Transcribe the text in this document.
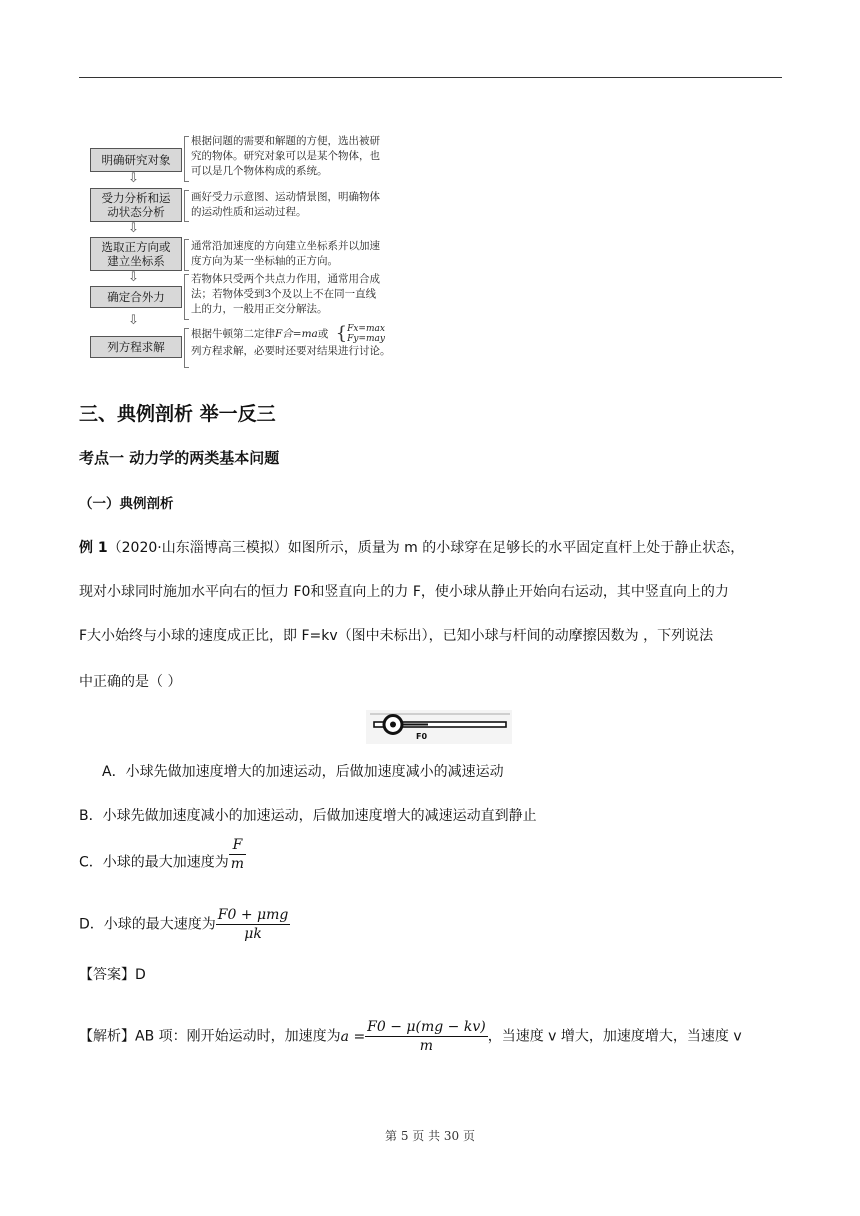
明确研究对象
根据问题的需要和解题的方便，选出被研
究的物体。研究对象可以是某个物体，也
可以是几个物体构成的系统。
⇩
受力分析和运
动状态分析
画好受力示意图、运动情景图，明确物体
的运动性质和运动过程。
⇩
选取正方向或
建立坐标系
通常沿加速度的方向建立坐标系并以加速
度方向为某一坐标轴的正方向。
⇩
确定合外力
若物体只受两个共点力作用，通常用合成
法；若物体受到3个及以上不在同一直线
上的力，一般用正交分解法。
⇩
列方程求解
根据牛顿第二定律F合=ma或 { Fx=max
Fy=may
列方程求解，必要时还要对结果进行讨论。
三、典例剖析 举一反三
考点一 动力学的两类基本问题
（一）典例剖析
例 1（2020·山东淄博高三模拟）如图所示，质量为 m 的小球穿在足够长的水平固定直杆上处于静止状态，
现对小球同时施加水平向右的恒力 F0和竖直向上的力 F，使小球从静止开始向右运动，其中竖直向上的力
F大小始终与小球的速度成正比，即 F=kv（图中未标出），已知小球与杆间的动摩擦因数为 ，下列说法
中正确的是（ ）
F0
A．小球先做加速度增大的加速运动，后做加速度减小的减速运动
B．小球先做加速度减小的加速运动，后做加速度增大的减速运动直到静止
C．小球的最大加速度为 $\frac{F}{m}$
D．小球的最大速度为 $\frac{\text{F0 + μmg}}{\mu k}$
【答案】D
【解析】AB 项：刚开始运动时，加速度为$a = \frac{F0 - \mu(mg - kv)}{m}$ ，当速度 v 增大，加速度增大，当速度 v
第 5 页 共 30 页
